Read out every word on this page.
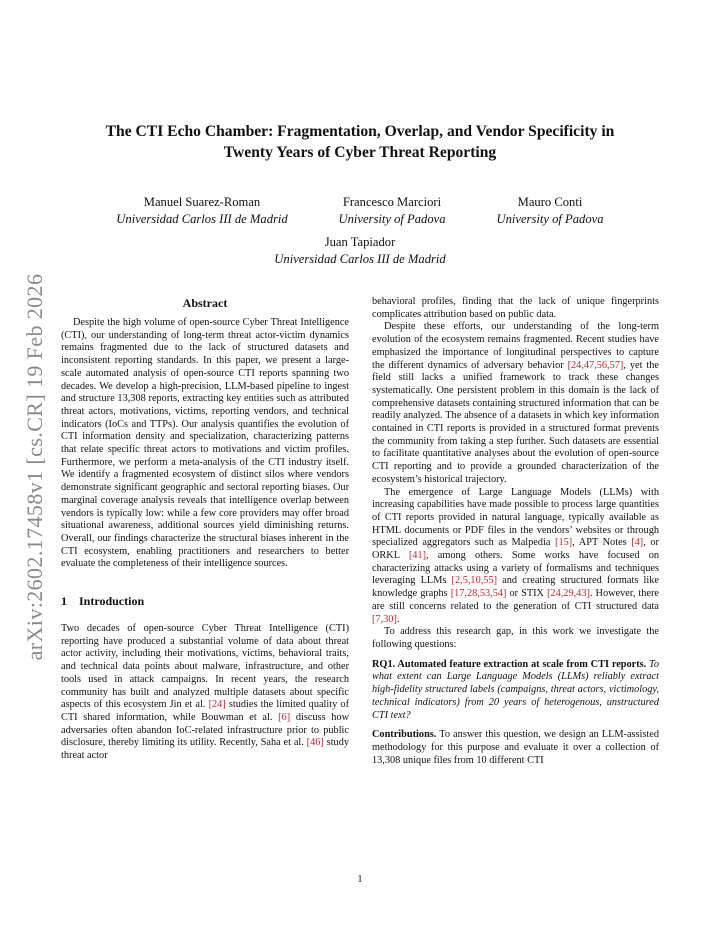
arXiv:2602.17458v1 [cs.CR] 19 Feb 2026
The CTI Echo Chamber: Fragmentation, Overlap, and Vendor Specificity in
Twenty Years of Cyber Threat Reporting
Manuel Suarez-Roman
Universidad Carlos III de Madrid
Francesco Marciori
University of Padova
Mauro Conti
University of Padova
Juan Tapiador
Universidad Carlos III de Madrid
Abstract

Despite the high volume of open-source Cyber Threat Intelligence (CTI), our understanding of long-term threat actor-victim dynamics remains fragmented due to the lack of structured datasets and inconsistent reporting standards. In this paper, we present a large-scale automated analysis of open-source CTI reports spanning two decades. We develop a high-precision, LLM-based pipeline to ingest and structure 13,308 reports, extracting key entities such as attributed threat actors, motivations, victims, reporting vendors, and technical indicators (IoCs and TTPs). Our analysis quantifies the evolution of CTI information density and specialization, characterizing patterns that relate specific threat actors to motivations and victim profiles. Furthermore, we perform a meta-analysis of the CTI industry itself. We identify a fragmented ecosystem of distinct silos where vendors demonstrate significant geographic and sectoral reporting biases. Our marginal coverage analysis reveals that intelligence overlap between vendors is typically low: while a few core providers may offer broad situational awareness, additional sources yield diminishing returns. Overall, our findings characterize the structural biases inherent in the CTI ecosystem, enabling practitioners and researchers to better evaluate the completeness of their intelligence sources.

1 Introduction

Two decades of open-source Cyber Threat Intelligence (CTI) reporting have produced a substantial volume of data about threat actor activity, including their motivations, victims, behavioral traits, and technical data points about malware, infrastructure, and other tools used in attack campaigns. In recent years, the research community has built and analyzed multiple datasets about specific aspects of this ecosystem Jin et al. [24] studies the limited quality of CTI shared information, while Bouwman et al. [6] discuss how adversaries often abandon IoC-related infrastructure prior to public disclosure, thereby limiting its utility. Recently, Saha et al. [46] study threat actor

behavioral profiles, finding that the lack of unique fingerprints complicates attribution based on public data.

Despite these efforts, our understanding of the long-term evolution of the ecosystem remains fragmented. Recent studies have emphasized the importance of longitudinal perspectives to capture the different dynamics of adversary behavior [24,47,56,57], yet the field still lacks a unified framework to track these changes systematically. One persistent problem in this domain is the lack of comprehensive datasets containing structured information that can be readily analyzed. The absence of a datasets in which key information contained in CTI reports is provided in a structured format prevents the community from taking a step further. Such datasets are essential to facilitate quantitative analyses about the evolution of open-source CTI reporting and to provide a grounded characterization of the ecosystem’s historical trajectory.

The emergence of Large Language Models (LLMs) with increasing capabilities have made possible to process large quantities of CTI reports provided in natural language, typically available as HTML documents or PDF files in the vendors’ websites or through specialized aggregators such as Malpedia [15], APT Notes [4], or ORKL [41], among others. Some works have focused on characterizing attacks using a variety of formalisms and techniques leveraging LLMs [2,5,10,55] and creating structured formats like knowledge graphs [17,28,53,54] or STIX [24,29,43]. However, there are still concerns related to the generation of CTI structured data [7,30].

To address this research gap, in this work we investigate the following questions:

RQ1. Automated feature extraction at scale from CTI reports. To what extent can Large Language Models (LLMs) reliably extract high-fidelity structured labels (campaigns, threat actors, victimology, technical indicators) from 20 years of heterogenous, unstructured CTI text?

Contributions. To answer this question, we design an LLM-assisted methodology for this purpose and evaluate it over a collection of 13,308 unique files from 10 different CTI

1
